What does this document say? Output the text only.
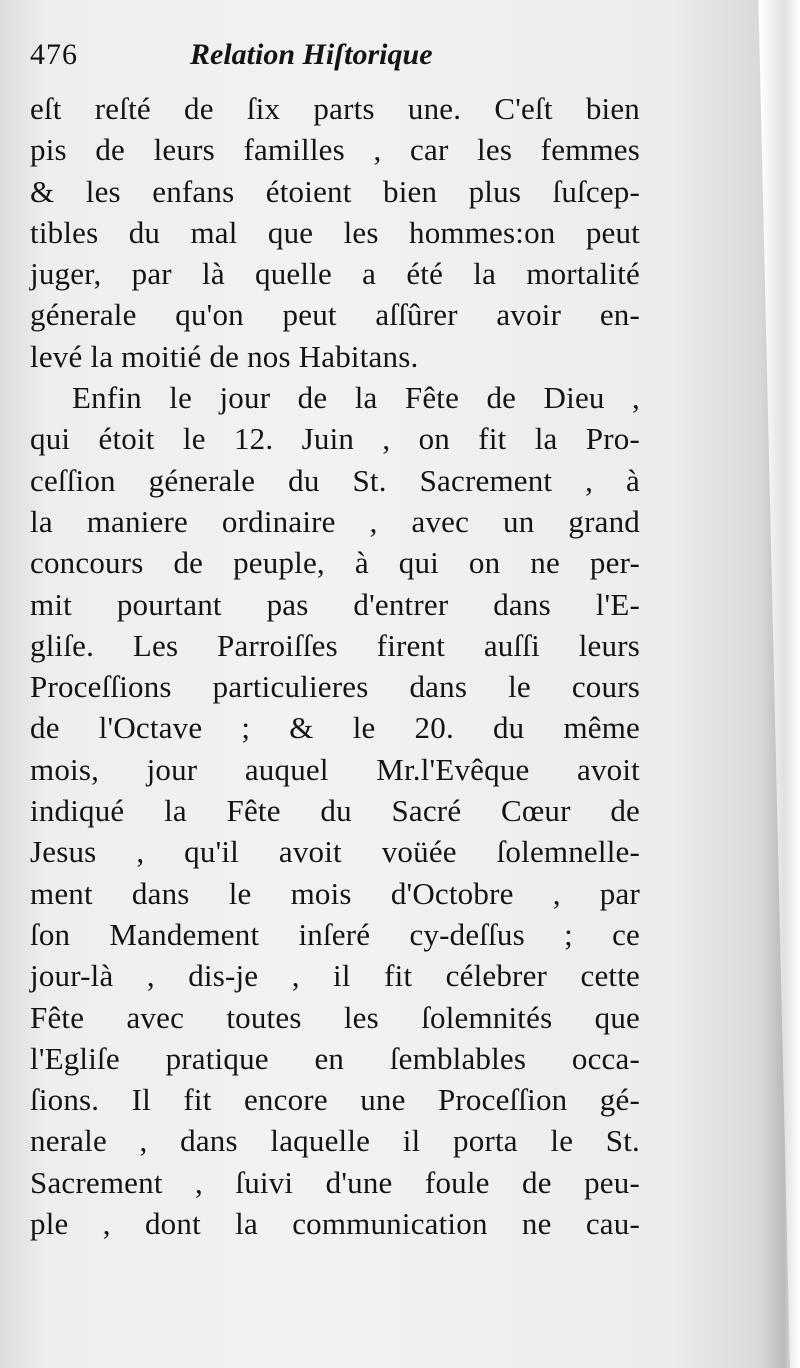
476	Relation Hiſtorique
eſt reſté de ſix parts une. C'eſt bien
pis de leurs familles , car les femmes
& les enfans étoient bien plus ſuſcep-
tibles du mal que les hommes:on peut
juger, par là quelle a été la mortalité
génerale qu'on peut aſſûrer avoir en-
levé la moitié de nos Habitans.
Enfin le jour de la Fête de Dieu ,
qui étoit le 12. Juin , on fit la Pro-
ceſſion génerale du St. Sacrement , à
la maniere ordinaire , avec un grand
concours de peuple, à qui on ne per-
mit pourtant pas d'entrer dans l'E-
gliſe. Les Parroiſſes firent auſſi leurs
Proceſſions particulieres dans le cours
de l'Octave ; & le 20. du même
mois, jour auquel Mr.l'Evêque avoit
indiqué la Fête du Sacré Cœur de
Jesus , qu'il avoit voüée ſolemnelle-
ment dans le mois d'Octobre , par
ſon Mandement inſeré cy-deſſus ; ce
jour-là , dis-je , il fit célebrer cette
Fête avec toutes les ſolemnités que
l'Egliſe pratique en ſemblables occa-
ſions. Il fit encore une Proceſſion gé-
nerale , dans laquelle il porta le St.
Sacrement , ſuivi d'une foule de peu-
ple , dont la communication ne cau-
